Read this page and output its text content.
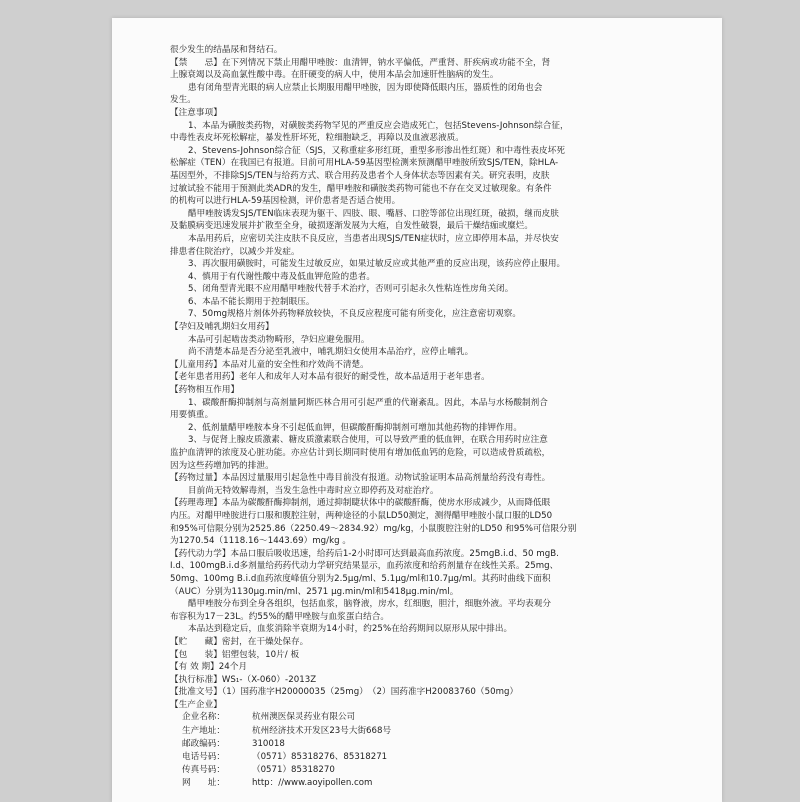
很少发生的结晶尿和肾结石。
【禁　　忌】在下列情况下禁止用醋甲唑胺：血清钾，钠水平偏低，严重肾、肝疾病或功能不全，肾
上腺衰竭以及高血氯性酸中毒。在肝硬变的病人中，使用本品会加速肝性脑病的发生。
患有闭角型青光眼的病人应禁止长期服用醋甲唑胺，因为即使降低眼内压，器质性的闭角也会
发生。
【注意事项】
1、本品为磺胺类药物，对磺胺类药物罕见的严重反应会造成死亡，包括Stevens-Johnson综合征，
中毒性表皮坏死松解症，暴发性肝坏死，粒细胞缺乏，再障以及血液恶液质。
2、Stevens-Johnson综合征（SJS，又称重症多形红斑，重型多形渗出性红斑）和中毒性表皮坏死
松解症（TEN）在我国已有报道。目前可用HLA-59基因型检测来预测醋甲唑胺所致SJS/TEN，除HLA-
基因型外，不排除SJS/TEN与给药方式、联合用药及患者个人身体状态等因素有关。研究表明，皮肤
过敏试验不能用于预测此类ADR的发生，醋甲唑胺和磺胺类药物可能也不存在交叉过敏现象。有条件
的机构可以进行HLA-59基因检测，评价患者是否适合使用。
醋甲唑胺诱发SJS/TEN临床表现为躯干、四肢、眼、嘴唇、口腔等部位出现红斑，破损，继而皮肤
及黏膜病变迅速发展并扩散至全身，破损逐渐发展为大疱，自发性破裂，最后干燥结痂或糜烂。
本品用药后，应密切关注皮肤不良反应，当患者出现SJS/TEN症状时，应立即停用本品，并尽快安
排患者住院治疗，以减少并发症。
3、再次服用磺胺时，可能发生过敏反应，如果过敏反应或其他严重的反应出现，该药应停止服用。
4、慎用于有代谢性酸中毒及低血钾危险的患者。
5、闭角型青光眼不应用醋甲唑胺代替手术治疗，否则可引起永久性粘连性房角关闭。
6、本品不能长期用于控制眼压。
7、50mg规格片剂体外药物释放较快，不良反应程度可能有所变化，应注意密切观察。
【孕妇及哺乳期妇女用药】
本品可引起啮齿类动物畸形，孕妇应避免服用。
尚不清楚本品是否分泌至乳液中，哺乳期妇女使用本品治疗，应停止哺乳。
【儿童用药】本品对儿童的安全性和疗效尚不清楚。
【老年患者用药】老年人和成年人对本品有很好的耐受性，故本品适用于老年患者。
【药物相互作用】
1、碳酸酐酶抑制剂与高剂量阿斯匹林合用可引起严重的代谢紊乱。因此，本品与水杨酸制剂合
用要慎重。
2、低剂量醋甲唑胺本身不引起低血钾，但碳酸酐酶抑制剂可增加其他药物的排钾作用。
3、与促肾上腺皮质激素、糖皮质激素联合使用，可以导致严重的低血钾，在联合用药时应注意
监护血清钾的浓度及心脏功能。亦应估计到长期同时使用有增加低血钙的危险，可以造成骨质疏松，
因为这些药增加钙的排泄。
【药物过量】本品因过量服用引起急性中毒目前没有报道。动物试验证明本品高剂量给药没有毒性。
目前尚无特效解毒剂，当发生急性中毒时应立即停药及对症治疗。
【药理毒理】本品为碳酸酐酶抑制剂，通过抑制睫状体中的碳酸酐酶，使房水形成减少，从而降低眼
内压。对醋甲唑胺进行口服和腹腔注射，两种途径的小鼠LD50测定，测得醋甲唑胺小鼠口服的LD50
和95%可信限分别为2525.86（2250.49～2834.92）mg/kg，小鼠腹腔注射的LD50 和95%可信限分别
为1270.54（1118.16～1443.69）mg/kg 。
【药代动力学】本品口服后吸收迅速，给药后1-2小时即可达到最高血药浓度。25mgB.i.d、50 mgB.
I.d、100mgB.i.d多剂量给药药代动力学研究结果显示，血药浓度和给药剂量存在线性关系。25mg、
50mg、100mg B.i.d血药浓度峰值分别为2.5μg/ml、5.1μg/ml和10.7μg/ml。其药时曲线下面积
（AUC）分别为1130μg.min/ml、2571 μg.min/ml和5418μg.min/ml。
醋甲唑胺分布到全身各组织，包括血浆，脑脊液，房水，红细胞，胆汁，细胞外液。平均表观分
布容积为17－23L。约55%的醋甲唑胺与血浆蛋白结合。
本品达到稳定后，血浆消除半衰期为14小时，约25%在给药期间以原形从尿中排出。
【贮　　藏】密封，在干燥处保存。
【包　　装】铝塑包装，10片/ 板
【有 效 期】24个月
【执行标准】WS₁-（X-060）-2013Z
【批准文号】（1）国药准字H20000035（25mg）　（2）国药准字H20083760（50mg）
【生产企业】
企业名称：	杭州澳医保灵药业有限公司
生产地址：	杭州经济技术开发区23号大街668号
邮政编码：	310018
电话号码：	（0571）85318276、85318271
传真号码：	（0571）85318270
网　　址：	http：//www.aoyipollen.com
